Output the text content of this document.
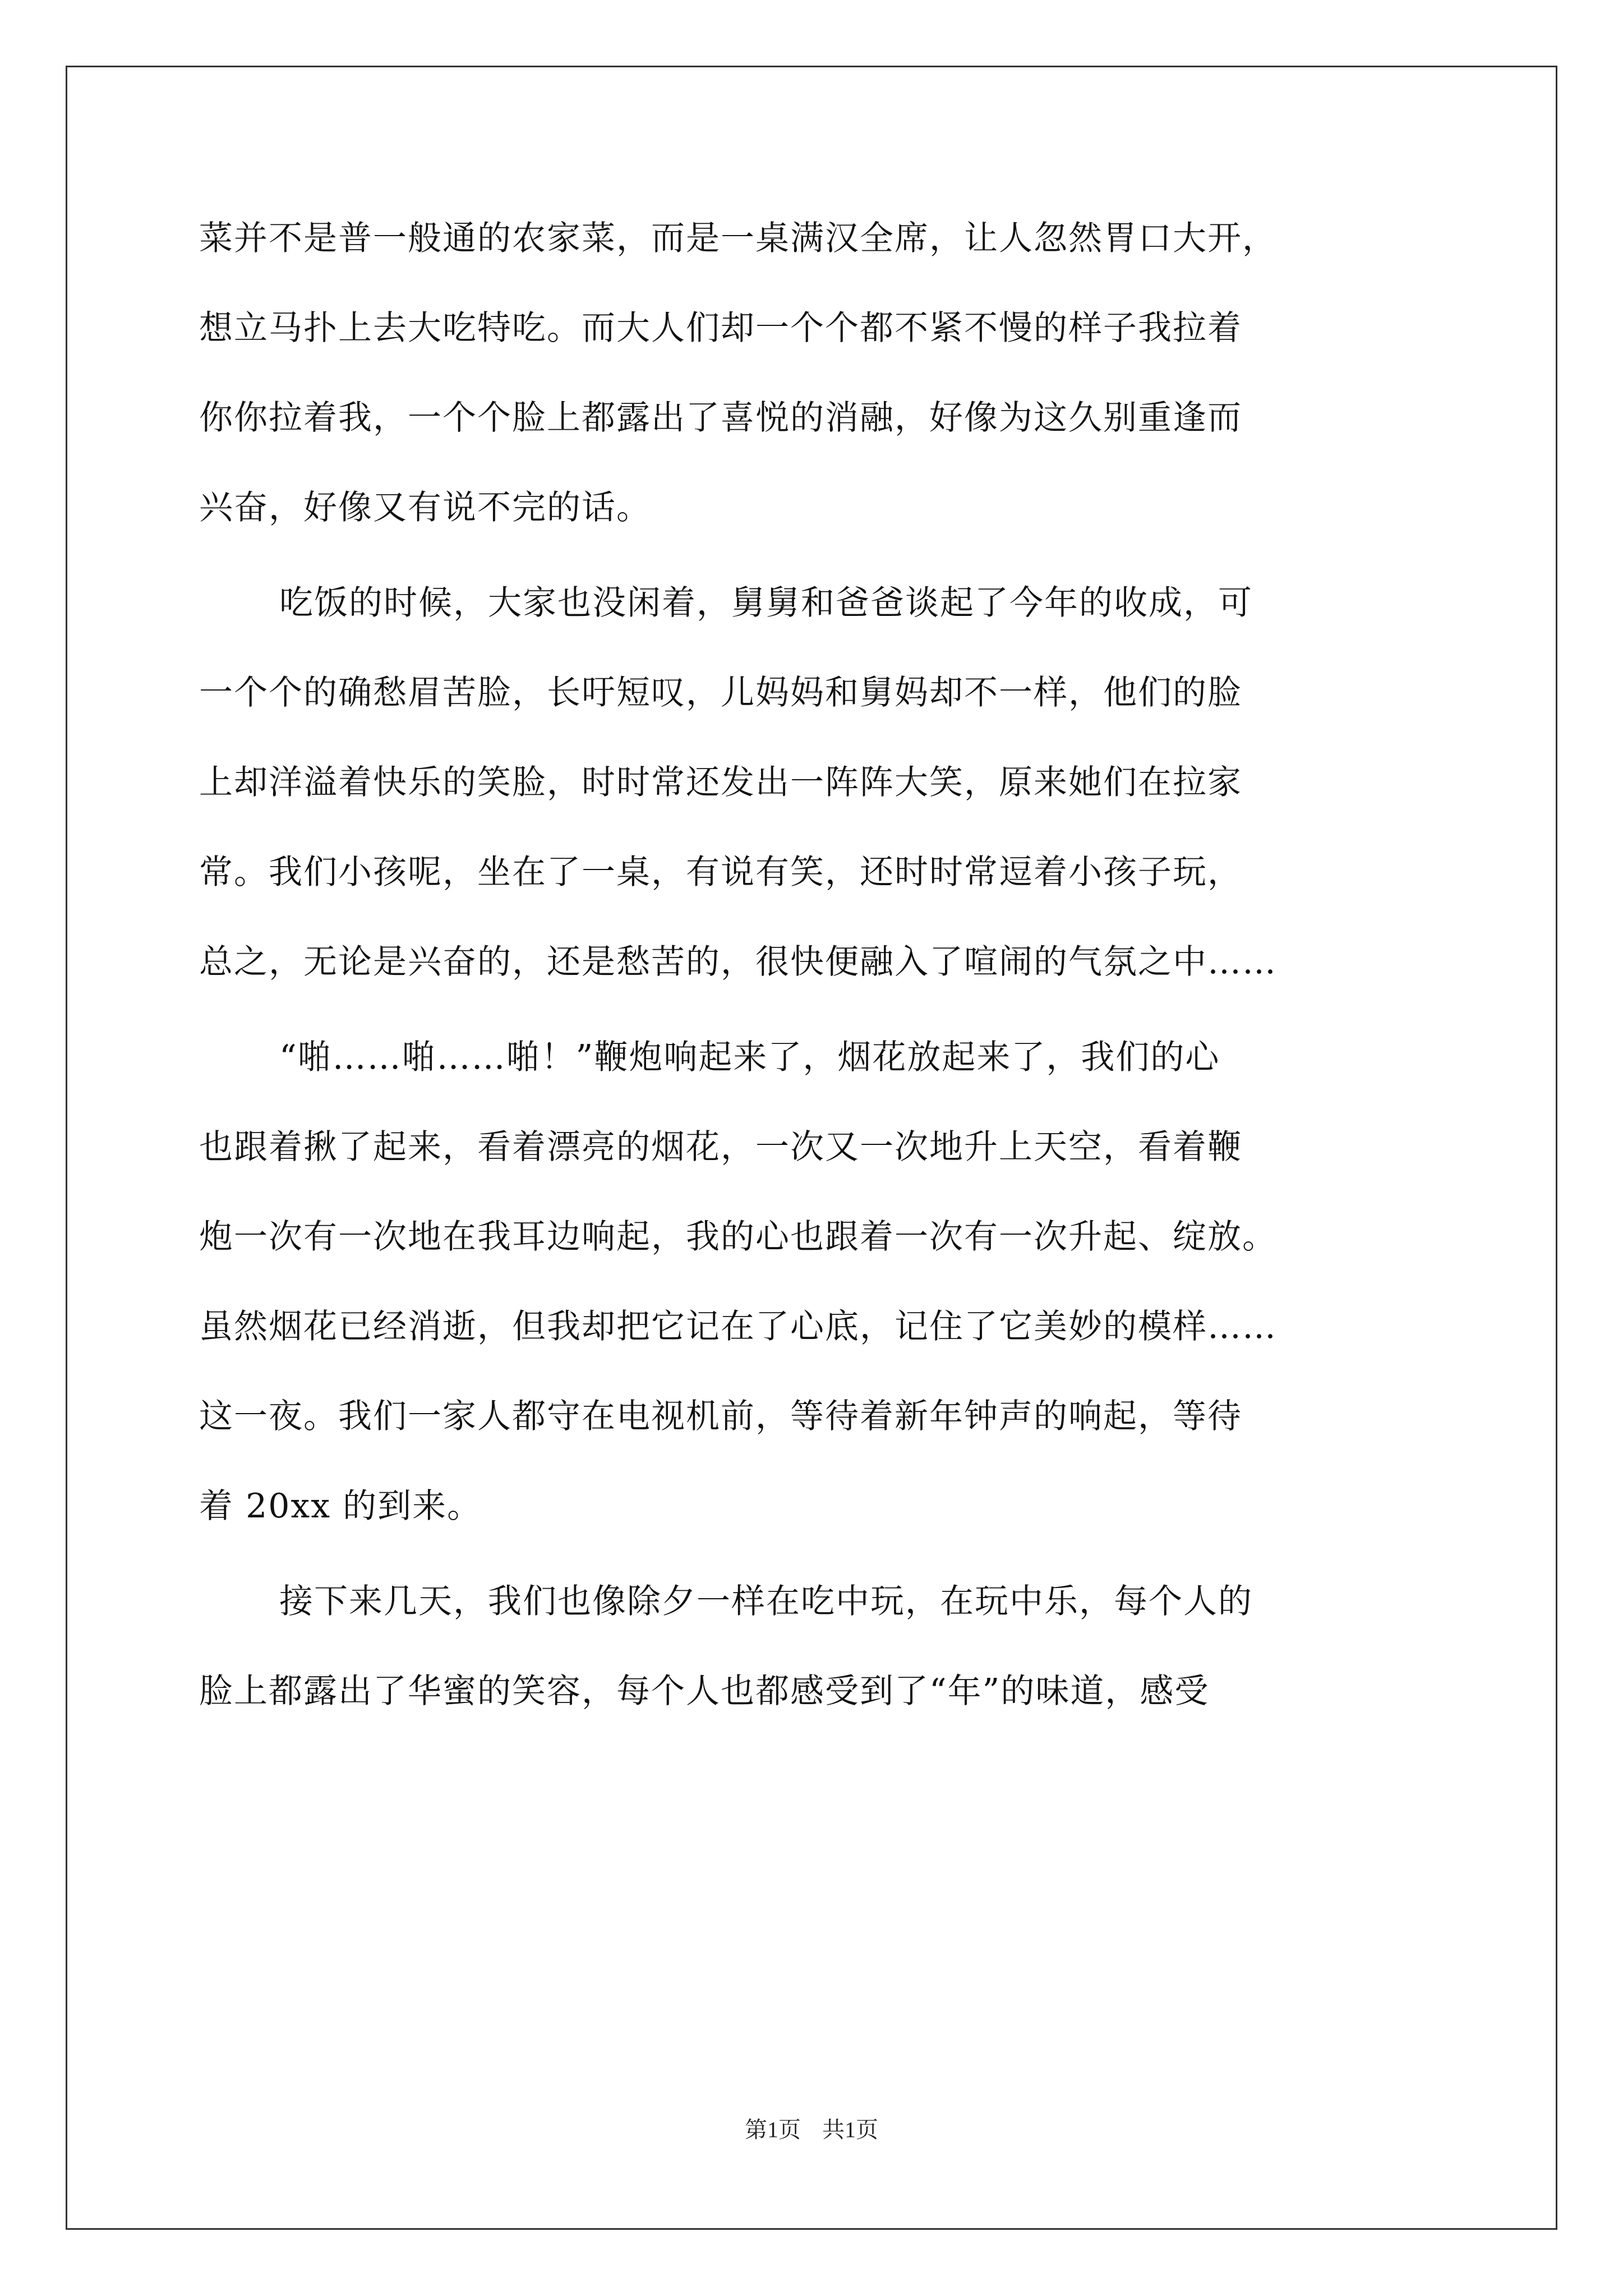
菜并不是普一般通的农家菜，而是一桌满汉全席，让人忽然胃口大开，
想立马扑上去大吃特吃。而大人们却一个个都不紧不慢的样子我拉着
你你拉着我，一个个脸上都露出了喜悦的消融，好像为这久别重逢而
兴奋，好像又有说不完的话。
吃饭的时候，大家也没闲着，舅舅和爸爸谈起了今年的收成，可
一个个的确愁眉苦脸，长吁短叹，儿妈妈和舅妈却不一样，他们的脸
上却洋溢着快乐的笑脸，时时常还发出一阵阵大笑，原来她们在拉家
常。我们小孩呢，坐在了一桌，有说有笑，还时时常逗着小孩子玩，
总之，无论是兴奋的，还是愁苦的，很快便融入了喧闹的气氛之中……
“啪……啪……啪！”鞭炮响起来了，烟花放起来了，我们的心
也跟着揪了起来，看着漂亮的烟花，一次又一次地升上天空，看着鞭
炮一次有一次地在我耳边响起，我的心也跟着一次有一次升起、绽放。
虽然烟花已经消逝，但我却把它记在了心底，记住了它美妙的模样……
这一夜。我们一家人都守在电视机前，等待着新年钟声的响起，等待
着 20xx 的到来。
接下来几天，我们也像除夕一样在吃中玩，在玩中乐，每个人的
脸上都露出了华蜜的笑容，每个人也都感受到了“年”的味道，感受
第1页 共1页
